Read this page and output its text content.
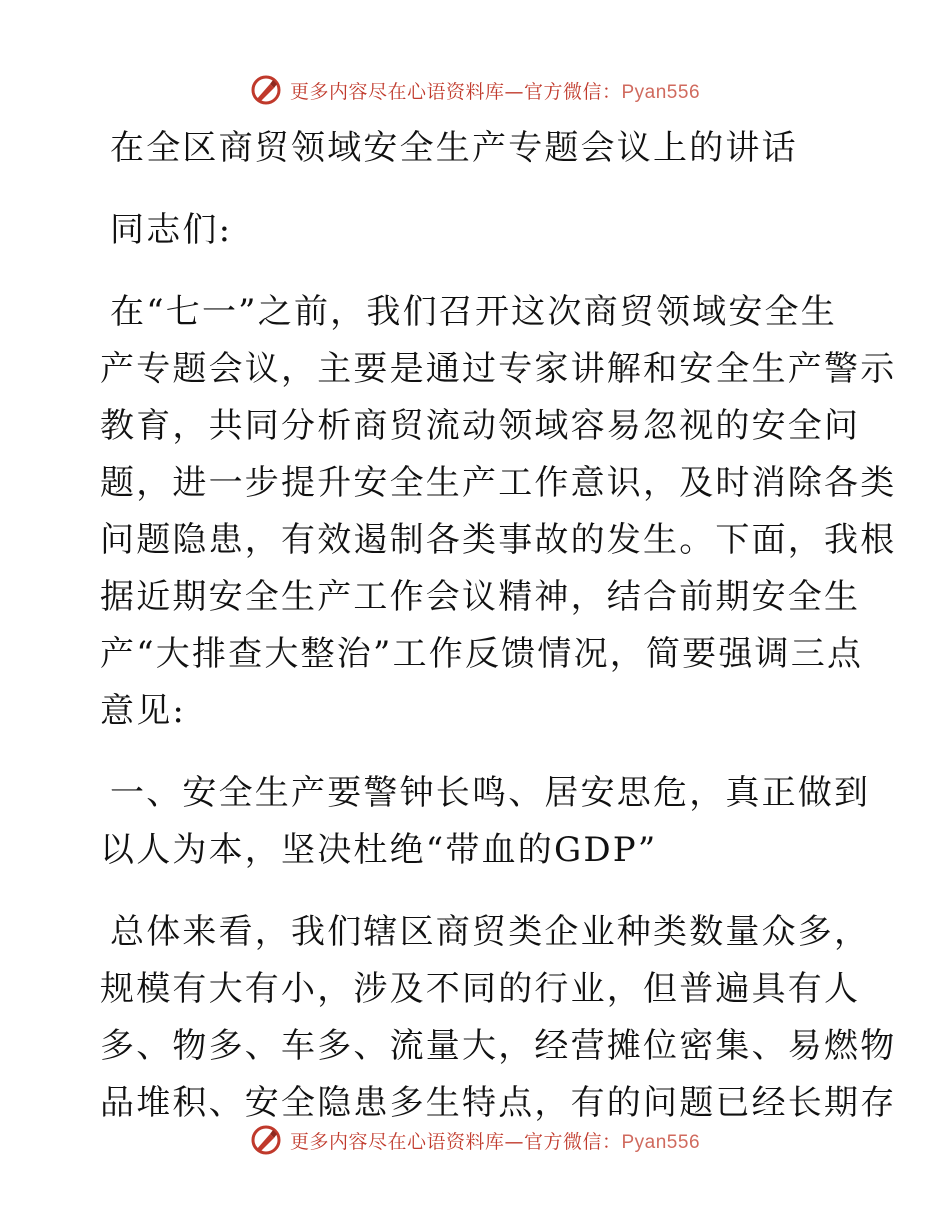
更多内容尽在心语资料库—官方微信：Pyan556
在全区商贸领域安全生产专题会议上的讲话
同志们:
在“七一”之前，我们召开这次商贸领域安全生
产专题会议，主要是通过专家讲解和安全生产警示
教育，共同分析商贸流动领域容易忽视的安全问
题，进一步提升安全生产工作意识，及时消除各类
问题隐患，有效遏制各类事故的发生。下面，我根
据近期安全生产工作会议精神，结合前期安全生
产“大排查大整治”工作反馈情况，简要强调三点
意见:
一、安全生产要警钟长鸣、居安思危，真正做到
以人为本，坚决杜绝“带血的GDP”
总体来看，我们辖区商贸类企业种类数量众多，
规模有大有小，涉及不同的行业，但普遍具有人
多、物多、车多、流量大，经营摊位密集、易燃物
品堆积、安全隐患多生特点，有的问题已经长期存
更多内容尽在心语资料库—官方微信：Pyan556
